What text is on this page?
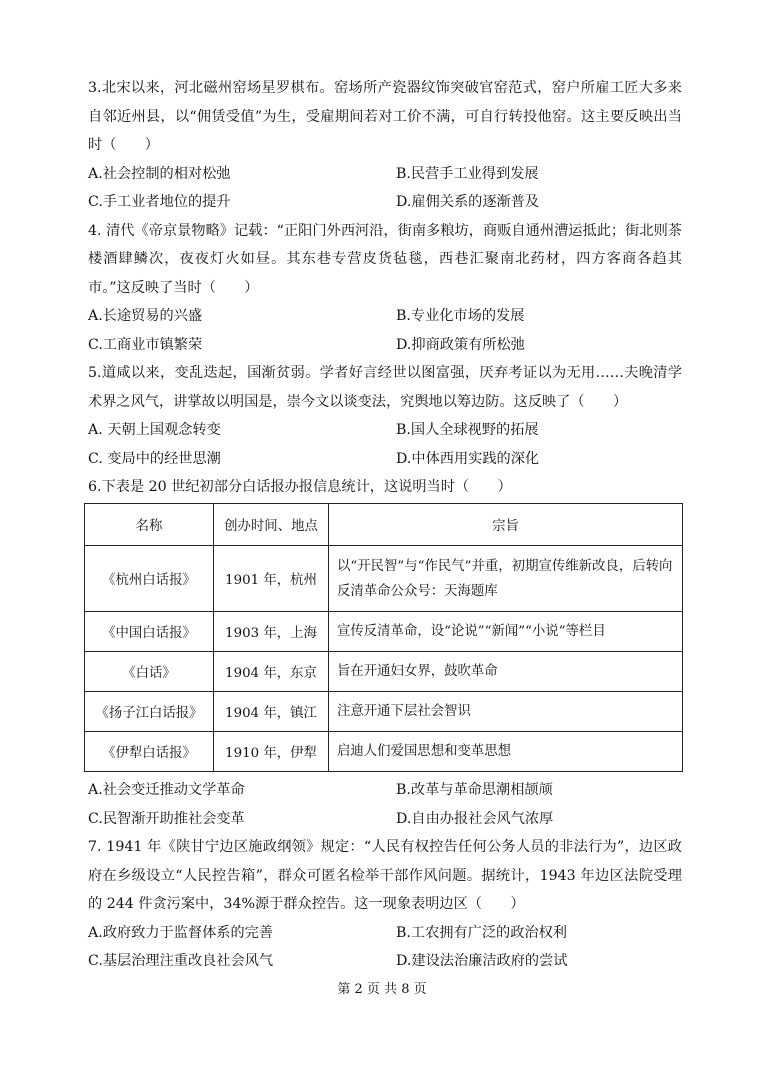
3.北宋以来，河北磁州窑场星罗棋布。窑场所产瓷器纹饰突破官窑范式，窑户所雇工匠大多来自邻近州县，以“佣赁受值”为生，受雇期间若对工价不满，可自行转投他窑。这主要反映出当时（　　）

A.社会控制的相对松弛	B.民营手工业得到发展
C.手工业者地位的提升	D.雇佣关系的逐渐普及

4. 清代《帝京景物略》记载：“正阳门外西河沿，街南多粮坊，商贩自通州漕运抵此；街北则茶楼酒肆鳞次，夜夜灯火如昼。其东巷专营皮货毡毯，西巷汇聚南北药材，四方客商各趋其市。”这反映了当时（　　）

A.长途贸易的兴盛	B.专业化市场的发展
C.工商业市镇繁荣	D.抑商政策有所松弛

5.道咸以来，变乱迭起，国渐贫弱。学者好言经世以图富强，厌弃考证以为无用……夫晚清学术界之风气，讲掌故以明国是，崇今文以谈变法，究舆地以筹边防。这反映了（　　）

A. 天朝上国观念转变	B.国人全球视野的拓展
C. 变局中的经世思潮	D.中体西用实践的深化

6.下表是 20 世纪初部分白话报办报信息统计，这说明当时（　　）

名称	创办时间、地点	宗旨
《杭州白话报》	1901 年，杭州	以“开民智”与“作民气”并重，初期宣传维新改良，后转向反清革命公众号：天海题库
《中国白话报》	1903 年，上海	宣传反清革命，设“论说”“新闻”“小说”等栏目
《白话》	1904 年，东京	旨在开通妇女界，鼓吹革命
《扬子江白话报》	1904 年，镇江	注意开通下层社会智识
《伊犁白话报》	1910 年，伊犁	启迪人们爱国思想和变革思想
A.社会变迁推动文学革命	B.改革与革命思潮相颉颃
C.民智渐开助推社会变革	D.自由办报社会风气浓厚

7. 1941 年《陕甘宁边区施政纲领》规定：“人民有权控告任何公务人员的非法行为”，边区政府在乡级设立“人民控告箱”，群众可匿名检举干部作风问题。据统计，1943 年边区法院受理的 244 件贪污案中，34%源于群众控告。这一现象表明边区（　　）

A.政府致力于监督体系的完善	B.工农拥有广泛的政治权利
C.基层治理注重改良社会风气	D.建设法治廉洁政府的尝试
第 2 页 共 8 页
